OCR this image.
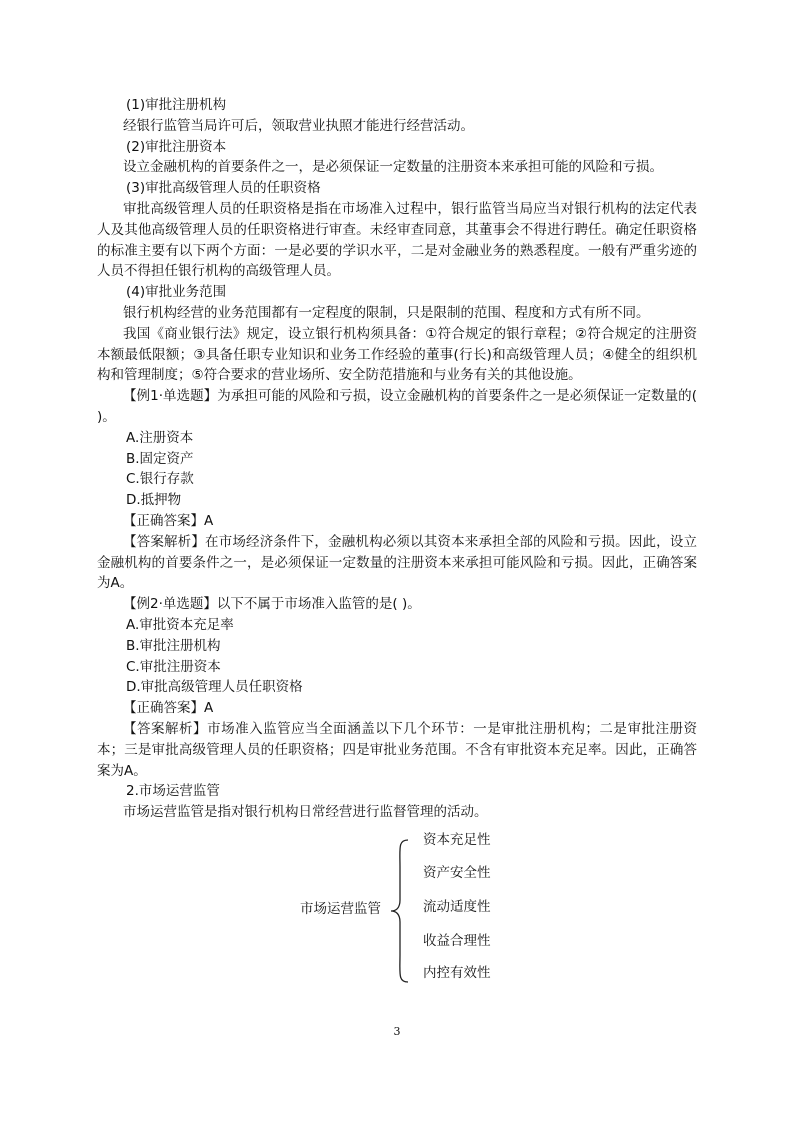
(1)审批注册机构

经银行监管当局许可后，领取营业执照才能进行经营活动。

(2)审批注册资本

设立金融机构的首要条件之一，是必须保证一定数量的注册资本来承担可能的风险和亏损。

(3)审批高级管理人员的任职资格

审批高级管理人员的任职资格是指在市场准入过程中，银行监管当局应当对银行机构的法定代表人及其他高级管理人员的任职资格进行审查。未经审查同意，其董事会不得进行聘任。确定任职资格的标准主要有以下两个方面：一是必要的学识水平，二是对金融业务的熟悉程度。一般有严重劣迹的人员不得担任银行机构的高级管理人员。

(4)审批业务范围

银行机构经营的业务范围都有一定程度的限制，只是限制的范围、程度和方式有所不同。

我国《商业银行法》规定，设立银行机构须具备：①符合规定的银行章程；②符合规定的注册资本额最低限额；③具备任职专业知识和业务工作经验的董事(行长)和高级管理人员；④健全的组织机构和管理制度；⑤符合要求的营业场所、安全防范措施和与业务有关的其他设施。

【例1·单选题】为承担可能的风险和亏损，设立金融机构的首要条件之一是必须保证一定数量的( )。

A.注册资本

B.固定资产

C.银行存款

D.抵押物

【正确答案】A

【答案解析】在市场经济条件下，金融机构必须以其资本来承担全部的风险和亏损。因此，设立金融机构的首要条件之一，是必须保证一定数量的注册资本来承担可能风险和亏损。因此，正确答案为A。

【例2·单选题】以下不属于市场准入监管的是( )。

A.审批资本充足率

B.审批注册机构

C.审批注册资本

D.审批高级管理人员任职资格

【正确答案】A

【答案解析】市场准入监管应当全面涵盖以下几个环节：一是审批注册机构；二是审批注册资本；三是审批高级管理人员的任职资格；四是审批业务范围。不含有审批资本充足率。因此，正确答案为A。

2.市场运营监管

市场运营监管是指对银行机构日常经营进行监督管理的活动。

市场运营监管
资本充足性
资产安全性
流动适度性
收益合理性
内控有效性
3
